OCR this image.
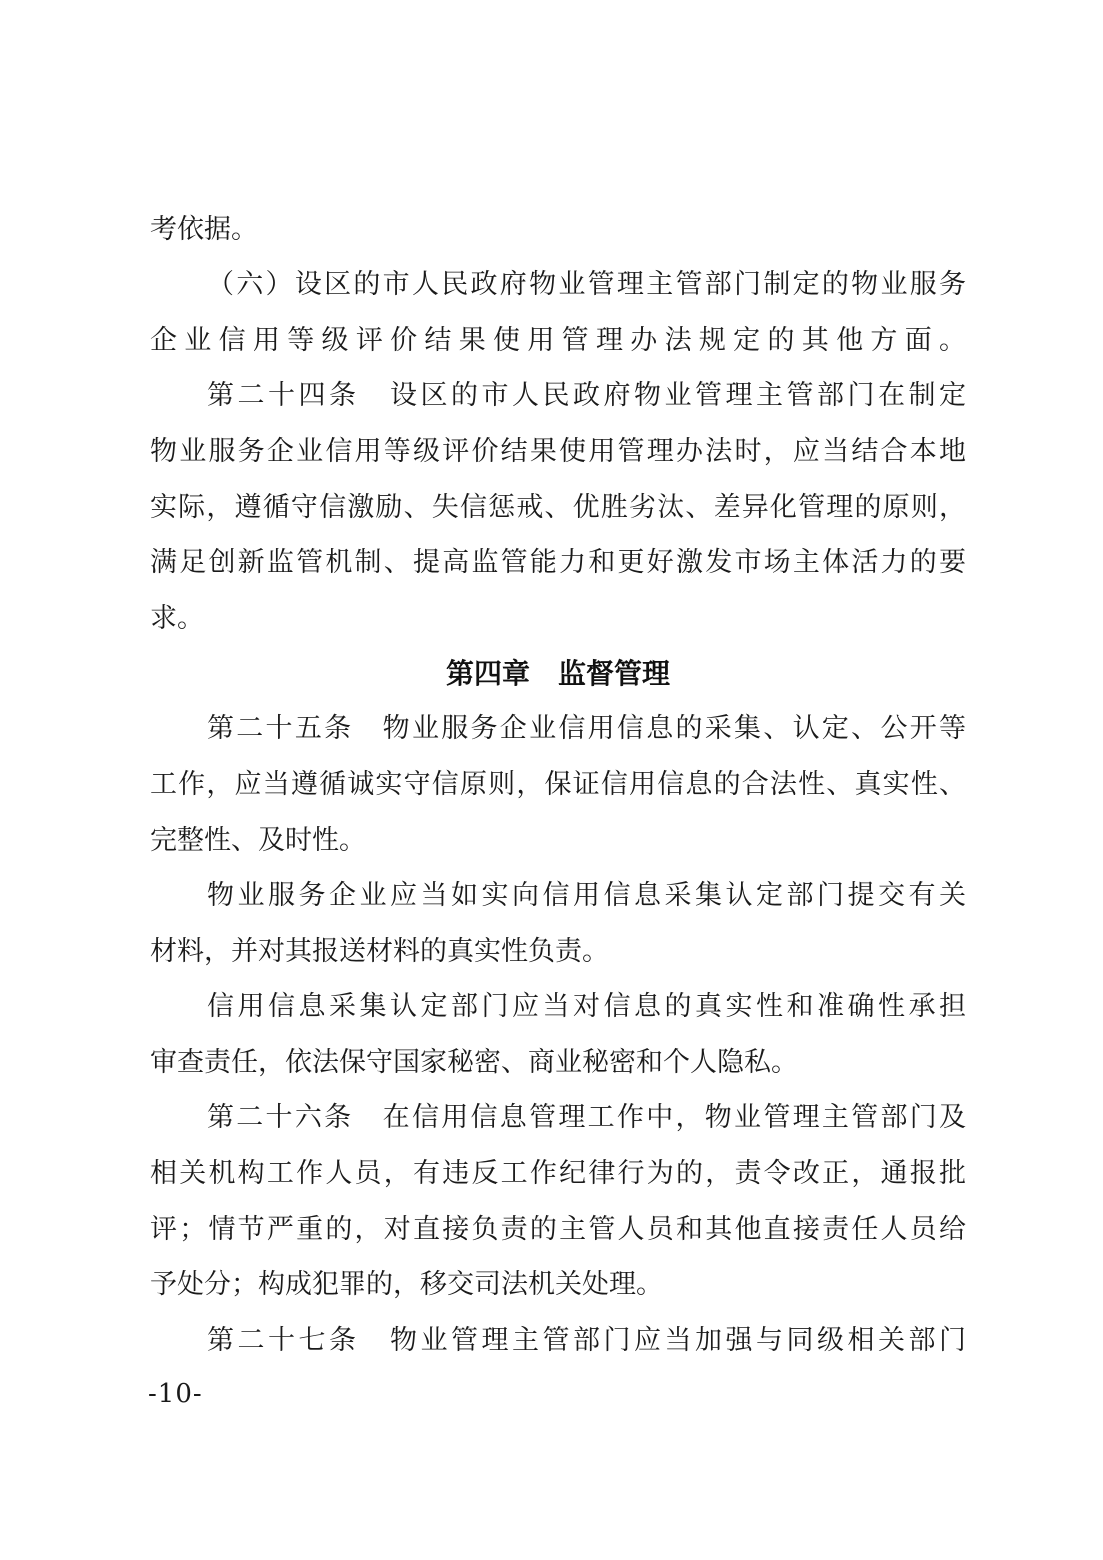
考依据。
（六）设区的市人民政府物业管理主管部门制定的物业服务
企业信用等级评价结果使用管理办法规定的其他方面。
第二十四条　设区的市人民政府物业管理主管部门在制定
物业服务企业信用等级评价结果使用管理办法时，应当结合本地
实际，遵循守信激励、失信惩戒、优胜劣汰、差异化管理的原则，
满足创新监管机制、提高监管能力和更好激发市场主体活力的要
求。
第四章　监督管理
第二十五条　物业服务企业信用信息的采集、认定、公开等
工作，应当遵循诚实守信原则，保证信用信息的合法性、真实性、
完整性、及时性。
物业服务企业应当如实向信用信息采集认定部门提交有关
材料，并对其报送材料的真实性负责。
信用信息采集认定部门应当对信息的真实性和准确性承担
审查责任，依法保守国家秘密、商业秘密和个人隐私。
第二十六条　在信用信息管理工作中，物业管理主管部门及
相关机构工作人员，有违反工作纪律行为的，责令改正，通报批
评；情节严重的，对直接负责的主管人员和其他直接责任人员给
予处分；构成犯罪的，移交司法机关处理。
第二十七条　物业管理主管部门应当加强与同级相关部门
-10-
